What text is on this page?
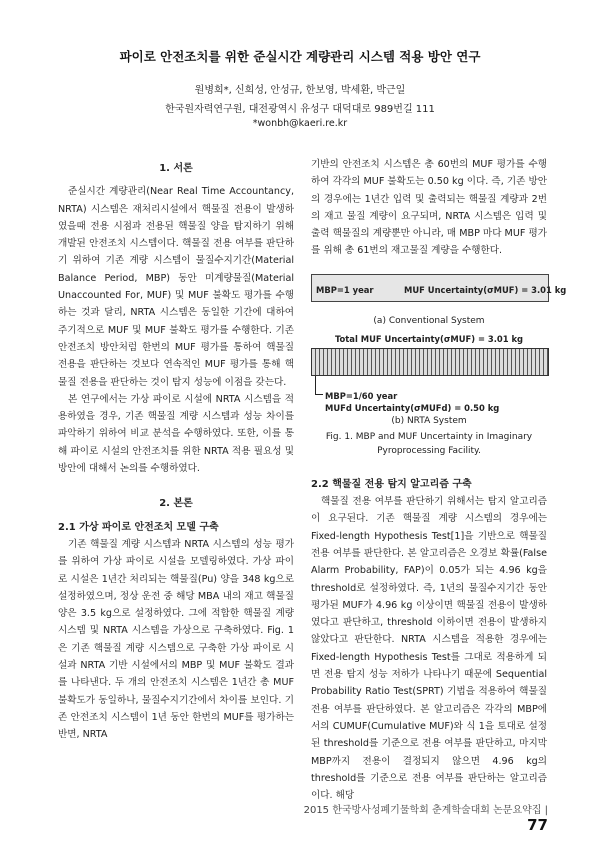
파이로 안전조치를 위한 준실시간 계량관리 시스템 적용 방안 연구
원병희*, 신희성, 안성규, 한보영, 박세환, 박근일
한국원자력연구원, 대전광역시 유성구 대덕대로 989번길 111
*wonbh@kaeri.re.kr
1. 서론

준실시간 계량관리(Near Real Time Accountancy, NRTA) 시스템은 재처리시설에서 핵물질 전용이 발생하였을때 전용 시점과 전용된 핵물질 양을 탐지하기 위해 개발된 안전조치 시스템이다. 핵물질 전용 여부를 판단하기 위하여 기존 계량 시스템이 물질수지기간(Material Balance Period, MBP) 동안 미계량물질(Material Unaccounted For, MUF) 및 MUF 불확도 평가를 수행하는 것과 달리, NRTA 시스템은 동일한 기간에 대하여 주기적으로 MUF 및 MUF 불확도 평가를 수행한다. 기존 안전조치 방안처럼 한번의 MUF 평가를 통하여 핵물질 전용을 판단하는 것보다 연속적인 MUF 평가를 통해 핵물질 전용을 판단하는 것이 탐지 성능에 이점을 갖는다.

본 연구에서는 가상 파이로 시설에 NRTA 시스템을 적용하였을 경우, 기존 핵물질 계량 시스템과 성능 차이를 파악하기 위하여 비교 분석을 수행하였다. 또한, 이를 통해 파이로 시설의 안전조치를 위한 NRTA 적용 필요성 및 방안에 대해서 논의를 수행하였다.

2. 본론
2.1 가상 파이로 안전조치 모델 구축

기존 핵물질 계량 시스템과 NRTA 시스템의 성능 평가를 위하여 가상 파이로 시설을 모델링하였다. 가상 파이로 시설은 1년간 처리되는 핵물질(Pu) 양을 348 kg으로 설정하였으며, 정상 운전 중 해당 MBA 내의 재고 핵물질 양은 3.5 kg으로 설정하였다. 그에 적합한 핵물질 계량 시스템 및 NRTA 시스템을 가상으로 구축하였다. Fig. 1은 기존 핵물질 계량 시스템으로 구축한 가상 파이로 시설과 NRTA 기반 시설에서의 MBP 및 MUF 불확도 결과를 나타낸다. 두 개의 안전조치 시스템은 1년간 총 MUF 불확도가 동일하나, 물질수지기간에서 차이를 보인다. 기존 안전조치 시스템이 1년 동안 한번의 MUF를 평가하는 반면, NRTA

기반의 안전조치 시스템은 총 60번의 MUF 평가를 수행하여 각각의 MUF 불확도는 0.50 kg 이다. 즉, 기존 방안의 경우에는 1년간 입력 및 출력되는 핵물질 계량과 2번의 재고 물질 계량이 요구되며, NRTA 시스템은 입력 및 출력 핵물질의 계량뿐만 아니라, 매 MBP 마다 MUF 평가를 위해 총 61번의 재고물질 계량을 수행한다.

MBP=1 year	MUF Uncertainty(σMUF) = 3.01 kg
(a) Conventional System
Total MUF Uncertainty(σMUF) = 3.01 kg
MBP=1/60 year
MUFd Uncertainty(σMUFd) = 0.50 kg
(b) NRTA System
Fig. 1. MBP and MUF Uncertainty in Imaginary Pyroprocessing Facility.
2.2 핵물질 전용 탐지 알고리즘 구축

핵물질 전용 여부를 판단하기 위해서는 탐지 알고리즘이 요구된다. 기존 핵물질 계량 시스템의 경우에는 Fixed-length Hypothesis Test[1]을 기반으로 핵물질 전용 여부를 판단한다. 본 알고리즘은 오경보 확률(False Alarm Probability, FAP)이 0.05가 되는 4.96 kg을 threshold로 설정하였다. 즉, 1년의 물질수지기간 동안 평가된 MUF가 4.96 kg 이상이면 핵물질 전용이 발생하였다고 판단하고, threshold 이하이면 전용이 발생하지 않았다고 판단한다. NRTA 시스템을 적용한 경우에는 Fixed-length Hypothesis Test를 그대로 적용하게 되면 전용 탐지 성능 저하가 나타나기 때문에 Sequential Probability Ratio Test(SPRT) 기법을 적용하여 핵물질 전용 여부를 판단하였다. 본 알고리즘은 각각의 MBP에서의 CUMUF(Cumulative MUF)와 식 1을 토대로 설정된 threshold를 기준으로 전용 여부를 판단하고, 마지막 MBP까지 전용이 결정되지 않으면 4.96 kg의 threshold를 기준으로 전용 여부를 판단하는 알고리즘이다. 해당

2015 한국방사성폐기물학회 춘계학술대회 논문요약집 | 77
